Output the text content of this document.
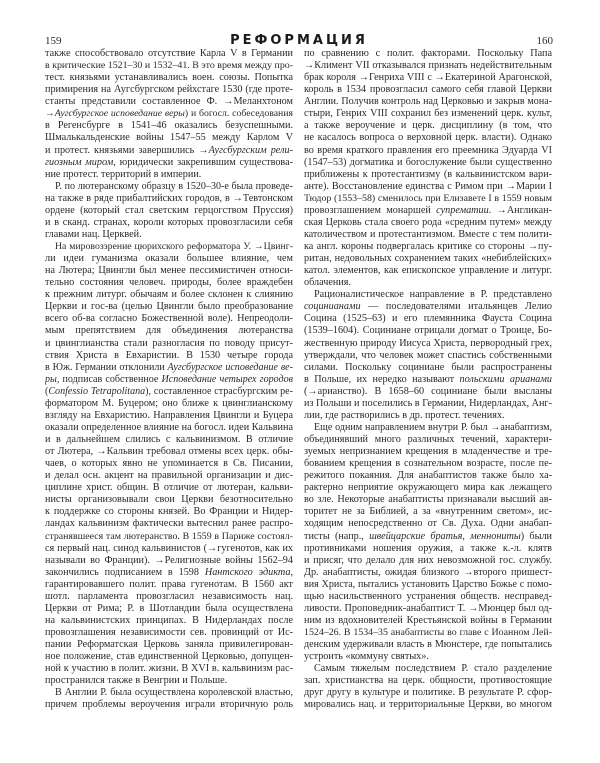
159	РЕФОРМАЦИЯ	160
также способствовало отсутствие Карла V в Германии
в критические 1521–30 и 1532–41. В это время между про-
тест. князьями устанавливались воен. союзы. Попытка
примирения на Аугсбургском рейхстаге 1530 (где проте-
станты представили составленное Ф. →Меланхтоном
→Аугсбургское исповедание веры) и богосл. собеседования
в Регенсбурге в 1541–46 оказались безуспешными.
Шмалькальденские войны 1547–55 между Карлом V
и протест. князьями завершились →Аугсбургским рели-
гиозным миром, юридически закрепившим существова-
ние протест. территорий в империи.
Р. по лютеранскому образцу в 1520–30-е была проведе-
на также в ряде прибалтийских городов, в →Тевтонском
ордене (который стал светским герцогством Пруссия)
и в сканд. странах, короли которых провозгласили себя
главами нац. Церквей.
На мировоззрение цюрихского реформатора У. →Цвинг-
ли идеи гуманизма оказали большее влияние, чем
на Лютера; Цвингли был менее пессимистичен относи-
тельно состояния человеч. природы, более враждебен
к прежним литург. обычаям и более склонен к слиянию
Церкви и гос-ва (целью Цвингли было преобразование
всего об-ва согласно Божественной воле). Непреодоли-
мым препятствием для объединения лютеранства
и цвинглианства стали разногласия по поводу присут-
ствия Христа в Евхаристии. В 1530 четыре города
в Юж. Германии отклонили Аугсбургское исповедание ве-
ры, подписав собственное Исповедание четырех городов
(Confessio Tetrapolitana), составленное страсбургским ре-
форматором М. Буцером; оно ближе к цвинглианскому
взгляду на Евхаристию. Направления Цвингли и Буцера
оказали определенное влияние на богосл. идеи Кальвина
и в дальнейшем слились с кальвинизмом. В отличие
от Лютера, →Кальвин требовал отмены всех церк. обы-
чаев, о которых явно не упоминается в Св. Писании,
и делал осн. акцент на правильной организации и дис-
циплине христ. общин. В отличие от лютеран, кальви-
нисты организовывали свои Церкви безотносительно
к поддержке со стороны князей. Во Франции и Нидер-
ландах кальвинизм фактически вытеснил ранее распро-
странявшееся там лютеранство. В 1559 в Париже состоял-
ся первый нац. синод кальвинистов (→гугенотов, как их
называли во Франции). →Религиозные войны 1562–94
закончились подписанием в 1598 Нантского эдикта,
гарантировавшего полит. права гугенотам. В 1560 акт
шотл. парламента провозгласил независимость нац.
Церкви от Рима; Р. в Шотландии была осуществлена
на кальвинистских принципах. В Нидерландах после
провозглашения независимости сев. провинций от Ис-
пании Реформатская Церковь заняла привилегирован-
ное положение, став единственной Церковью, допущен-
ной к участию в полит. жизни. В XVI в. кальвинизм рас-
пространился также в Венгрии и Польше.
В Англии Р. была осуществлена королевской властью,
причем проблемы вероучения играли вторичную роль
по сравнению с полит. факторами. Поскольку Папа
→Климент VII отказывался признать недействительным
брак короля →Генриха VIII с →Екатериной Арагонской,
король в 1534 провозгласил самого себя главой Церкви
Англии. Получив контроль над Церковью и закрыв мона-
стыри, Генрих VIII сохранил без изменений церк. культ,
а также вероучение и церк. дисциплину (в том, что
не касалось вопроса о верховной церк. власти). Однако
во время краткого правления его преемника Эдуарда VI
(1547–53) догматика и богослужение были существенно
приближены к протестантизму (в кальвинистском вари-
анте). Восстановление единства с Римом при →Марии I
Тюдор (1553–58) сменилось при Елизавете I в 1559 новым
провозглашением монаршей супрематии. →Англикан-
ская Церковь стала своего рода «средним путем» между
католичеством и протестантизмом. Вместе с тем полити-
ка англ. короны подвергалась критике со стороны →пу-
ритан, недовольных сохранением таких «небиблейских»
катол. элементов, как епископское управление и литург.
облачения.
Рационалистическое направление в Р. представлено
социнианами — последователями итальянцев Лелио
Социна (1525–63) и его племянника Фауста Социна
(1539–1604). Социниане отрицали догмат о Троице, Бо-
жественную природу Иисуса Христа, первородный грех,
утверждали, что человек может спастись собственными
силами. Поскольку социниане были распространены
в Польше, их нередко называют польскими арианами
(→арианство). В 1658–60 социниане были высланы
из Польши и поселились в Германии, Нидерландах, Анг-
лии, где растворились в др. протест. течениях.
Еще одним направлением внутри Р. был →анабаптизм,
объединявший много различных течений, характери-
зуемых непризнанием крещения в младенчестве и тре-
бованием крещения в сознательном возрасте, после пе-
режитого покаяния. Для анабаптистов также было ха-
рактерно неприятие окружающего мира как лежащего
во зле. Некоторые анабаптисты признавали высший ав-
торитет не за Библией, а за «внутренним светом», ис-
ходящим непосредственно от Св. Духа. Одни анабап-
тисты (напр., швейцарские братья, меннониты) были
противниками ношения оружия, а также к.-л. клятв
и присяг, что делало для них невозможной гос. службу.
Др. анабаптисты, ожидая близкого →второго пришест-
вия Христа, пытались установить Царство Божье с помо-
щью насильственного устранения обществ. несправед-
ливости. Проповедник-анабаптист Т. →Мюнцер был од-
ним из вдохновителей Крестьянской войны в Германии
1524–26. В 1534–35 анабаптисты во главе с Иоанном Лей-
денским удерживали власть в Мюнстере, где попытались
устроить «коммуну святых».
Самым тяжелым последствием Р. стало разделение
зап. христианства на церк. общности, противостоящие
друг другу в культуре и политике. В результате Р. сфор-
мировались нац. и территориальные Церкви, во многом
